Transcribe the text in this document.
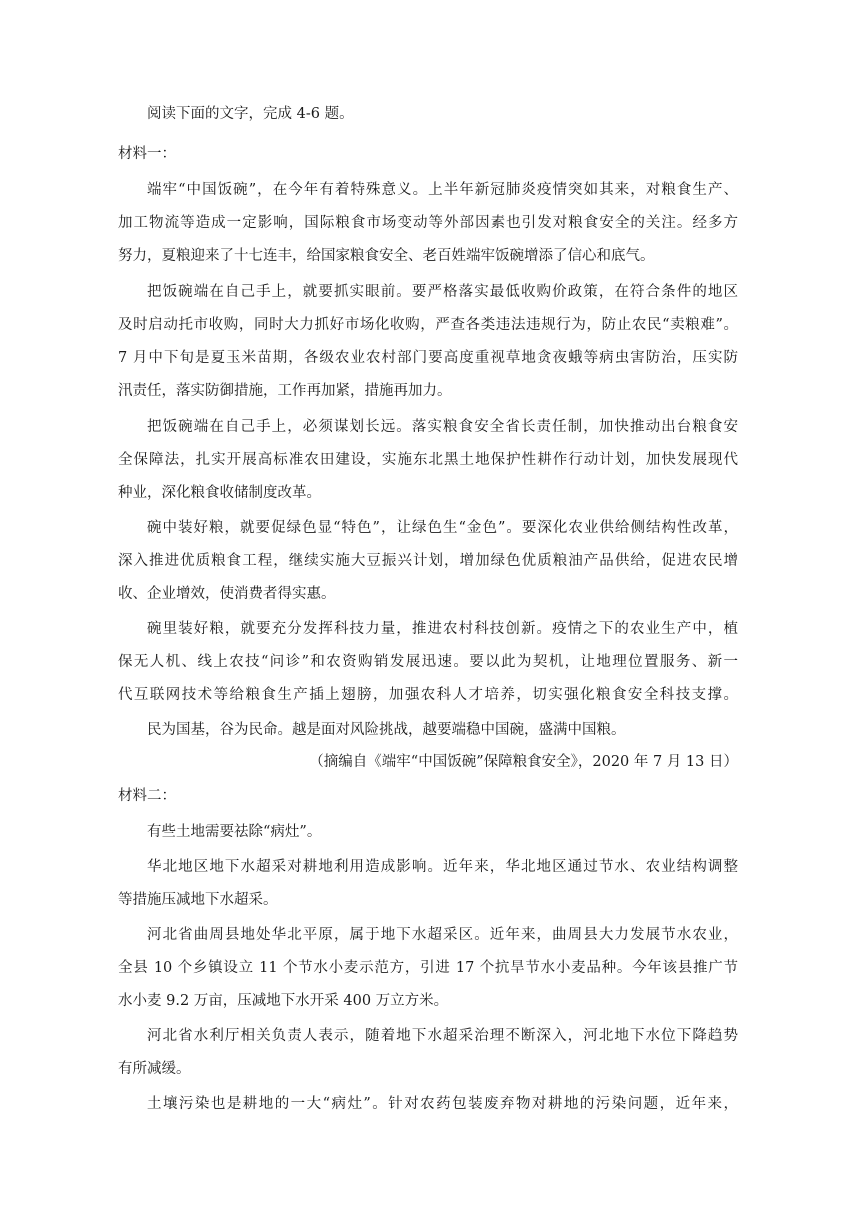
阅读下面的文字，完成 4-6 题。
材料一：
端牢“中国饭碗”，在今年有着特殊意义。上半年新冠肺炎疫情突如其来，对粮食生产、
加工物流等造成一定影响，国际粮食市场变动等外部因素也引发对粮食安全的关注。经多方
努力，夏粮迎来了十七连丰，给国家粮食安全、老百姓端牢饭碗增添了信心和底气。
把饭碗端在自己手上，就要抓实眼前。要严格落实最低收购价政策，在符合条件的地区
及时启动托市收购，同时大力抓好市场化收购，严查各类违法违规行为，防止农民“卖粮难”。
7 月中下旬是夏玉米苗期，各级农业农村部门要高度重视草地贪夜蛾等病虫害防治，压实防
汛责任，落实防御措施，工作再加紧，措施再加力。
把饭碗端在自己手上，必须谋划长远。落实粮食安全省长责任制，加快推动出台粮食安
全保障法，扎实开展高标准农田建设，实施东北黑土地保护性耕作行动计划，加快发展现代
种业，深化粮食收储制度改革。
碗中装好粮，就要促绿色显“特色”，让绿色生“金色”。要深化农业供给侧结构性改革，
深入推进优质粮食工程，继续实施大豆振兴计划，增加绿色优质粮油产品供给，促进农民增
收、企业增效，使消费者得实惠。
碗里装好粮，就要充分发挥科技力量，推进农村科技创新。疫情之下的农业生产中，植
保无人机、线上农技“问诊”和农资购销发展迅速。要以此为契机，让地理位置服务、新一
代互联网技术等给粮食生产插上翅膀，加强农科人才培养，切实强化粮食安全科技支撑。
民为国基，谷为民命。越是面对风险挑战，越要端稳中国碗，盛满中国粮。
（摘编自《端牢“中国饭碗”保障粮食安全》，2020 年 7 月 13 日）
材料二：
有些土地需要祛除“病灶”。
华北地区地下水超采对耕地利用造成影响。近年来，华北地区通过节水、农业结构调整
等措施压减地下水超采。
河北省曲周县地处华北平原，属于地下水超采区。近年来，曲周县大力发展节水农业，
全县 10 个乡镇设立 11 个节水小麦示范方，引进 17 个抗旱节水小麦品种。今年该县推广节
水小麦 9.2 万亩，压减地下水开采 400 万立方米。
河北省水利厅相关负责人表示，随着地下水超采治理不断深入，河北地下水位下降趋势
有所减缓。
土壤污染也是耕地的一大“病灶”。针对农药包装废弃物对耕地的污染问题，近年来，
